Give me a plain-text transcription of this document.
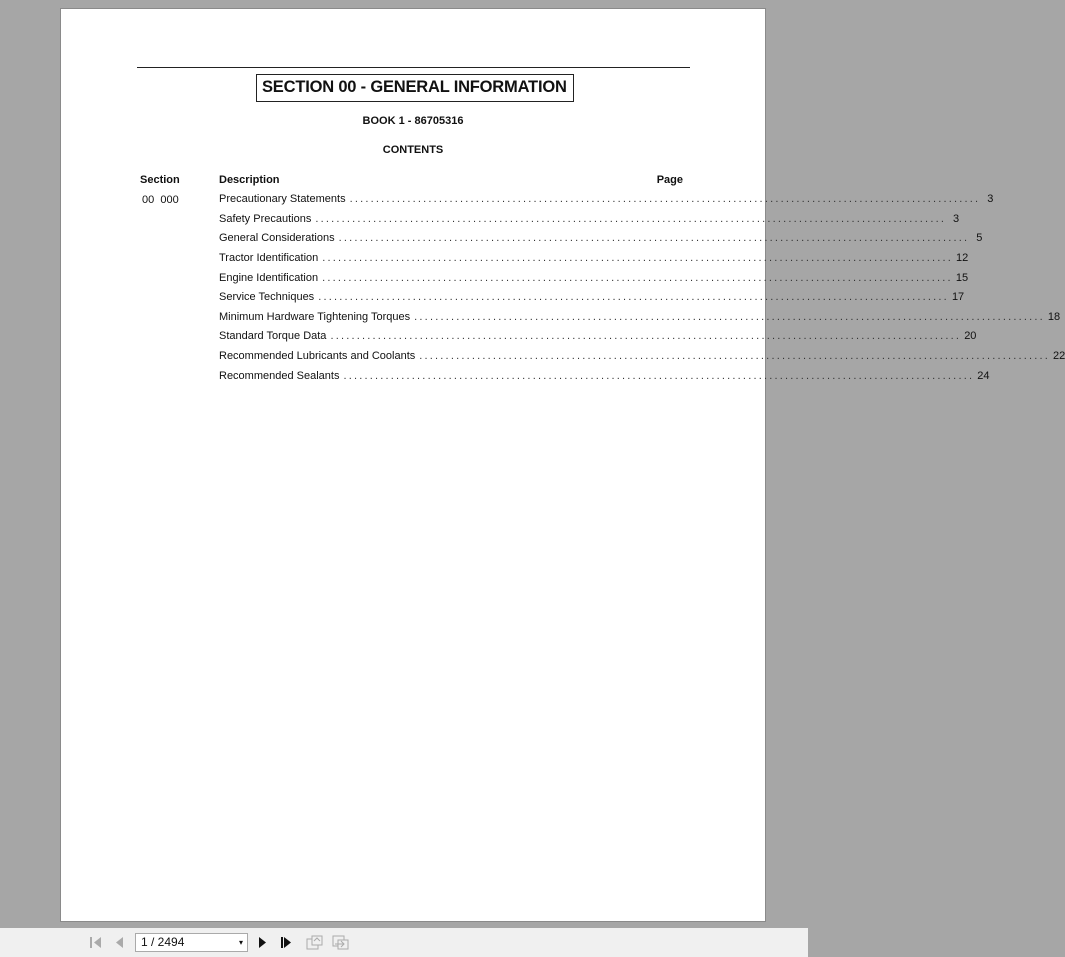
SECTION 00 - GENERAL INFORMATION
BOOK 1 - 86705316
CONTENTS
Section	Description	Page
00  000	Precautionary Statements ........................................................................................................................ 3
Safety Precautions ........................................................................................................................ 3
General Considerations ........................................................................................................................ 5
Tractor Identification ........................................................................................................................ 12
Engine Identification ........................................................................................................................ 15
Service Techniques ........................................................................................................................ 17
Minimum Hardware Tightening Torques ........................................................................................................................ 18
Standard Torque Data ........................................................................................................................ 20
Recommended Lubricants and Coolants ........................................................................................................................ 22
Recommended Sealants ........................................................................................................................ 24
1 / 2494	▾
